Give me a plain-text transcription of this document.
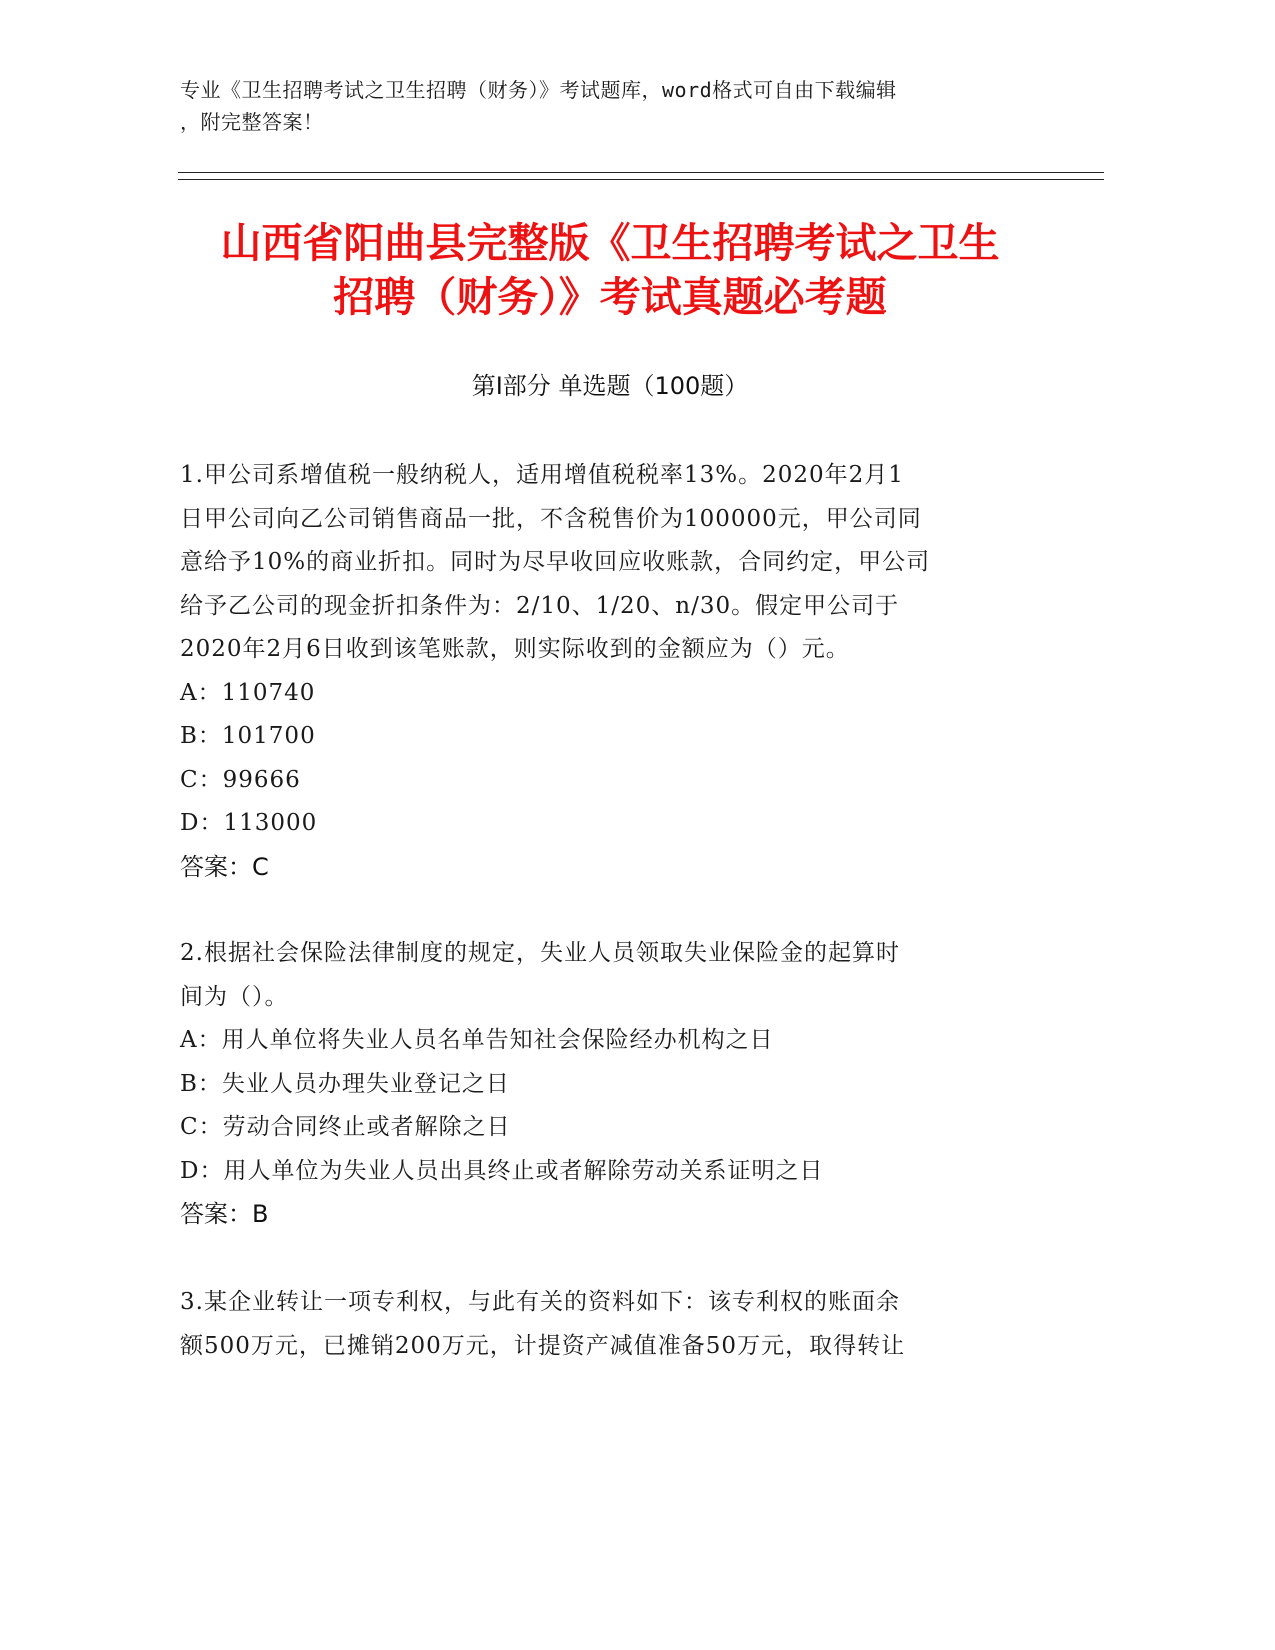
专业《卫生招聘考试之卫生招聘（财务）》考试题库，word格式可自由下载编辑
，附完整答案！
山西省阳曲县完整版《卫生招聘考试之卫生
招聘（财务）》考试真题必考题
第Ⅰ部分 单选题（100题）
1.甲公司系增值税一般纳税人，适用增值税税率13%。2020年2月1
日甲公司向乙公司销售商品一批，不含税售价为100000元，甲公司同
意给予10%的商业折扣。同时为尽早收回应收账款，合同约定，甲公司
给予乙公司的现金折扣条件为：2/10、1/20、n/30。假定甲公司于
2020年2月6日收到该笔账款，则实际收到的金额应为（）元。
A：110740
B：101700
C：99666
D：113000
答案：C
2.根据社会保险法律制度的规定，失业人员领取失业保险金的起算时
间为（）。
A：用人单位将失业人员名单告知社会保险经办机构之日
B：失业人员办理失业登记之日
C：劳动合同终止或者解除之日
D：用人单位为失业人员出具终止或者解除劳动关系证明之日
答案：B
3.某企业转让一项专利权，与此有关的资料如下：该专利权的账面余
额500万元，已摊销200万元，计提资产减值准备50万元，取得转让
